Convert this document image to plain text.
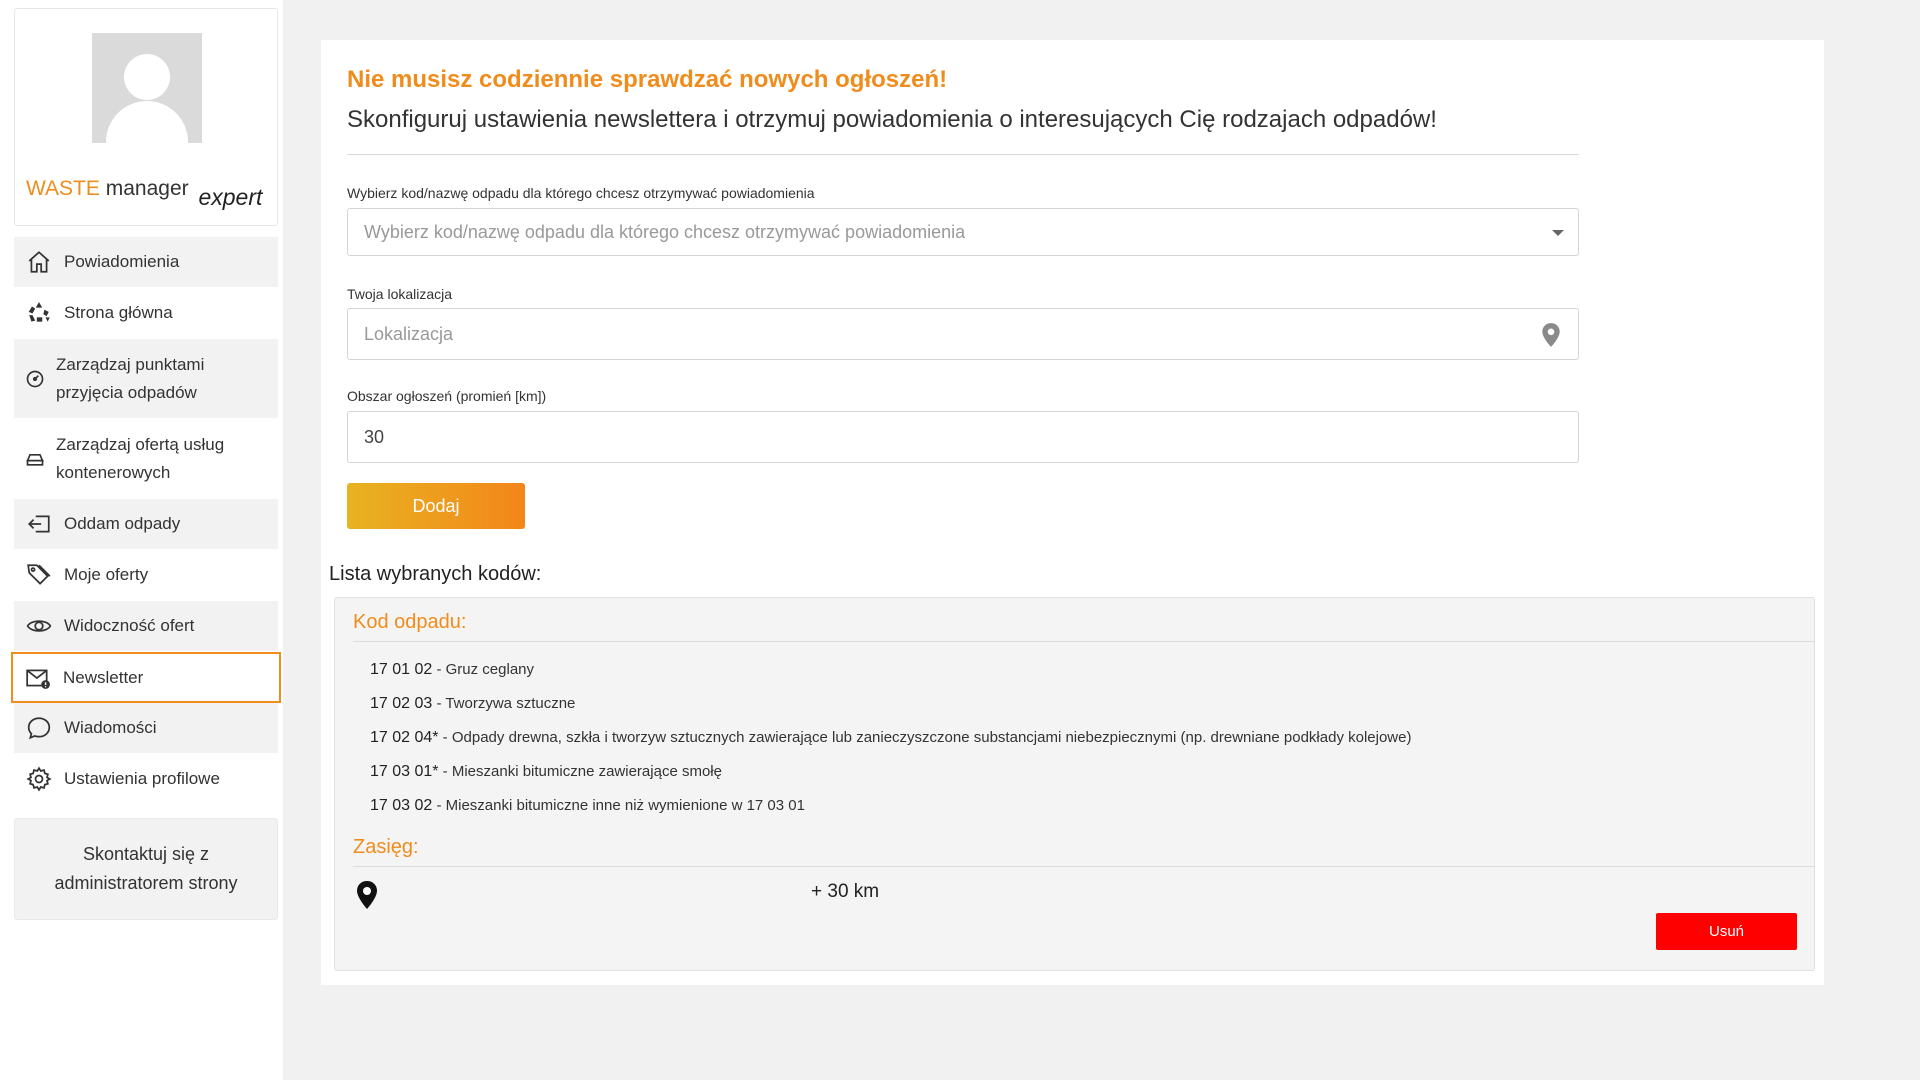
WASTE manager expert
Powiadomienia
Strona główna
Zarządzaj punktami przyjęcia odpadów
Zarządzaj ofertą usług kontenerowych
Oddam odpady
Moje oferty
Widoczność ofert
Newsletter
Wiadomości
Ustawienia profilowe
Skontaktuj się z administratorem strony
Nie musisz codziennie sprawdzać nowych ogłoszeń!
Skonfiguruj ustawienia newslettera i otrzymuj powiadomienia o interesujących Cię rodzajach odpadów!
Wybierz kod/nazwę odpadu dla którego chcesz otrzymywać powiadomienia
Wybierz kod/nazwę odpadu dla którego chcesz otrzymywać powiadomienia
Twoja lokalizacja
Lokalizacja
Obszar ogłoszeń (promień [km])
30
Dodaj
Lista wybranych kodów:
Kod odpadu:
17 01 02 - Gruz ceglany
17 02 03 - Tworzywa sztuczne
17 02 04* - Odpady drewna, szkła i tworzyw sztucznych zawierające lub zanieczyszczone substancjami niebezpiecznymi (np. drewniane podkłady kolejowe)
17 03 01* - Mieszanki bitumiczne zawierające smołę
17 03 02 - Mieszanki bitumiczne inne niż wymienione w 17 03 01
Zasięg:
+ 30 km
Usuń
